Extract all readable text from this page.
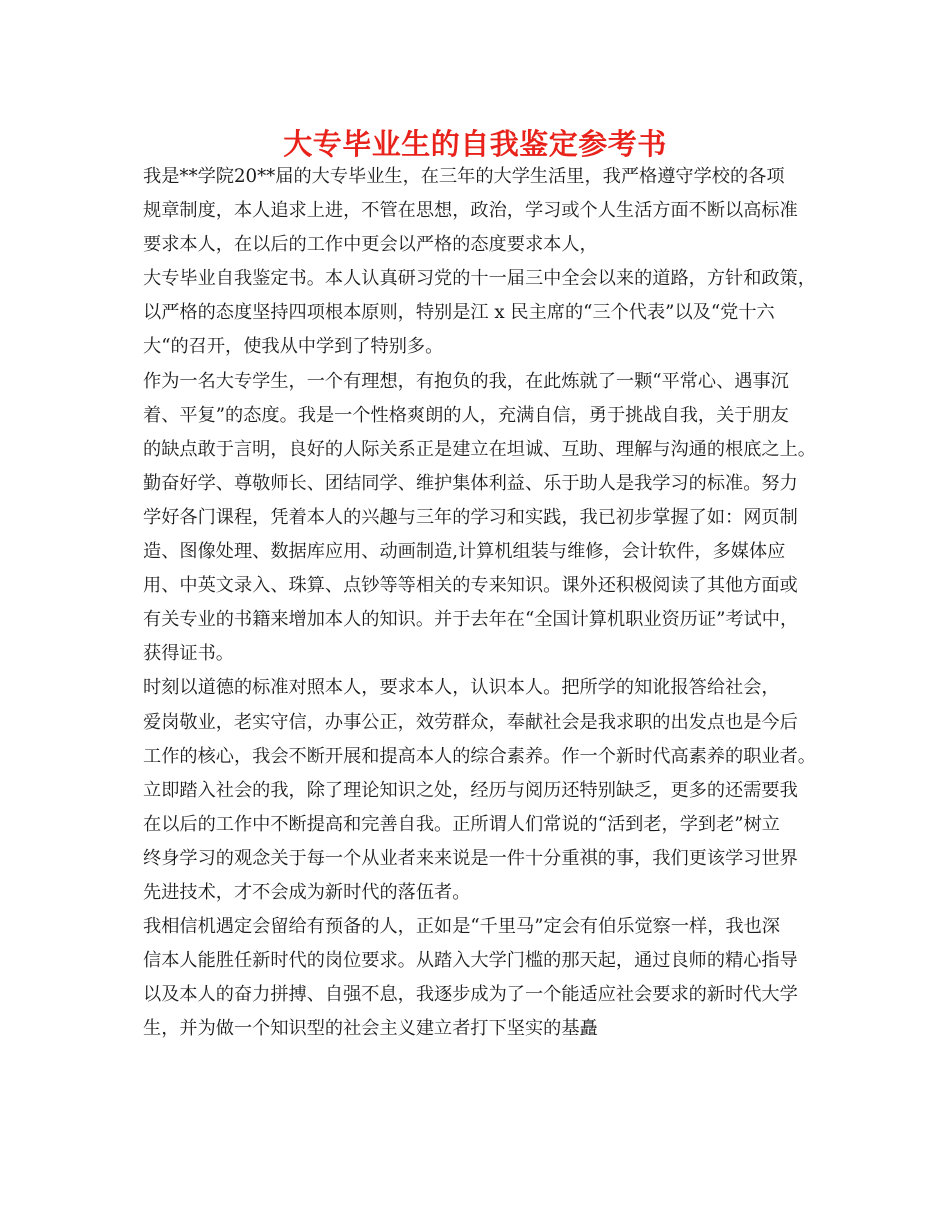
大专毕业生的自我鉴定参考书
我是**学院20**届的大专毕业生，在三年的大学生活里，我严格遵守学校的各项
规章制度，本人追求上进，不管在思想，政治，学习或个人生活方面不断以高标准
要求本人，在以后的工作中更会以严格的态度要求本人，
大专毕业自我鉴定书。本人认真研习党的十一届三中全会以来的道路，方针和政策，
以严格的态度坚持四项根本原则，特别是江 x 民主席的“三个代表”以及“党十六
大“的召开，使我从中学到了特别多。
作为一名大专学生，一个有理想，有抱负的我，在此炼就了一颗“平常心、遇事沉
着、平复”的态度。我是一个性格爽朗的人，充满自信，勇于挑战自我，关于朋友
的缺点敢于言明，良好的人际关系正是建立在坦诚、互助、理解与沟通的根底之上。
勤奋好学、尊敬师长、团结同学、维护集体利益、乐于助人是我学习的标准。努力
学好各门课程，凭着本人的兴趣与三年的学习和实践，我已初步掌握了如：网页制
造、图像处理、数据库应用、动画制造,计算机组装与维修，会计软件，多媒体应
用、中英文录入、珠算、点钞等等相关的专来知识。课外还积极阅读了其他方面或
有关专业的书籍来增加本人的知识。并于去年在“全国计算机职业资历证”考试中，
获得证书。
时刻以道德的标准对照本人，要求本人，认识本人。把所学的知讹报答给社会，
爱岗敬业，老实守信，办事公正，效劳群众，奉献社会是我求职的出发点也是今后
工作的核心，我会不断开展和提高本人的综合素养。作一个新时代高素养的职业者。
立即踏入社会的我，除了理论知识之处，经历与阅历还特别缺乏，更多的还需要我
在以后的工作中不断提高和完善自我。正所谓人们常说的“活到老，学到老”树立
终身学习的观念关于每一个从业者来来说是一件十分重祺的事，我们更该学习世界
先进技术，才不会成为新时代的落伍者。
我相信机遇定会留给有预备的人，正如是“千里马”定会有伯乐觉察一样，我也深
信本人能胜任新时代的岗位要求。从踏入大学门槛的那天起，通过良师的精心指导
以及本人的奋力拼搏、自强不息，我逐步成为了一个能适应社会要求的新时代大学
生，并为做一个知识型的社会主义建立者打下坚实的基矗
